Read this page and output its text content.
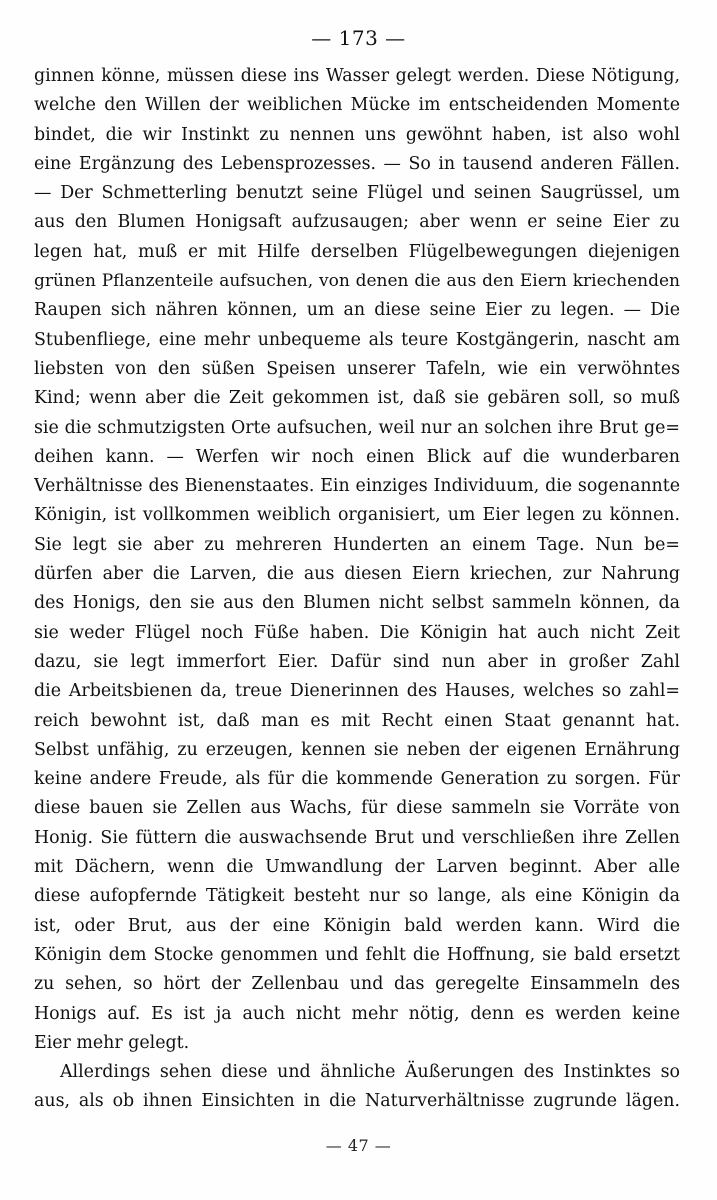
— 173 —
ginnen könne, müssen diese ins Wasser gelegt werden. Diese Nötigung,
welche den Willen der weiblichen Mücke im entscheidenden Momente
bindet, die wir Instinkt zu nennen uns gewöhnt haben, ist also wohl
eine Ergänzung des Lebensprozesses. — So in tausend anderen Fällen.
— Der Schmetterling benutzt seine Flügel und seinen Saugrüssel, um
aus den Blumen Honigsaft aufzusaugen; aber wenn er seine Eier zu
legen hat, muß er mit Hilfe derselben Flügelbewegungen diejenigen
grünen Pflanzenteile aufsuchen, von denen die aus den Eiern kriechenden
Raupen sich nähren können, um an diese seine Eier zu legen. — Die
Stubenfliege, eine mehr unbequeme als teure Kostgängerin, nascht am
liebsten von den süßen Speisen unserer Tafeln, wie ein verwöhntes
Kind; wenn aber die Zeit gekommen ist, daß sie gebären soll, so muß
sie die schmutzigsten Orte aufsuchen, weil nur an solchen ihre Brut ge=
deihen kann. — Werfen wir noch einen Blick auf die wunderbaren
Verhältnisse des Bienenstaates. Ein einziges Individuum, die sogenannte
Königin, ist vollkommen weiblich organisiert, um Eier legen zu können.
Sie legt sie aber zu mehreren Hunderten an einem Tage. Nun be=
dürfen aber die Larven, die aus diesen Eiern kriechen, zur Nahrung
des Honigs, den sie aus den Blumen nicht selbst sammeln können, da
sie weder Flügel noch Füße haben. Die Königin hat auch nicht Zeit
dazu, sie legt immerfort Eier. Dafür sind nun aber in großer Zahl
die Arbeitsbienen da, treue Dienerinnen des Hauses, welches so zahl=
reich bewohnt ist, daß man es mit Recht einen Staat genannt hat.
Selbst unfähig, zu erzeugen, kennen sie neben der eigenen Ernährung
keine andere Freude, als für die kommende Generation zu sorgen. Für
diese bauen sie Zellen aus Wachs, für diese sammeln sie Vorräte von
Honig. Sie füttern die auswachsende Brut und verschließen ihre Zellen
mit Dächern, wenn die Umwandlung der Larven beginnt. Aber alle
diese aufopfernde Tätigkeit besteht nur so lange, als eine Königin da
ist, oder Brut, aus der eine Königin bald werden kann. Wird die
Königin dem Stocke genommen und fehlt die Hoffnung, sie bald ersetzt
zu sehen, so hört der Zellenbau und das geregelte Einsammeln des
Honigs auf. Es ist ja auch nicht mehr nötig, denn es werden keine
Eier mehr gelegt.
Allerdings sehen diese und ähnliche Äußerungen des Instinktes so
aus, als ob ihnen Einsichten in die Naturverhältnisse zugrunde lägen.
— 47 —
